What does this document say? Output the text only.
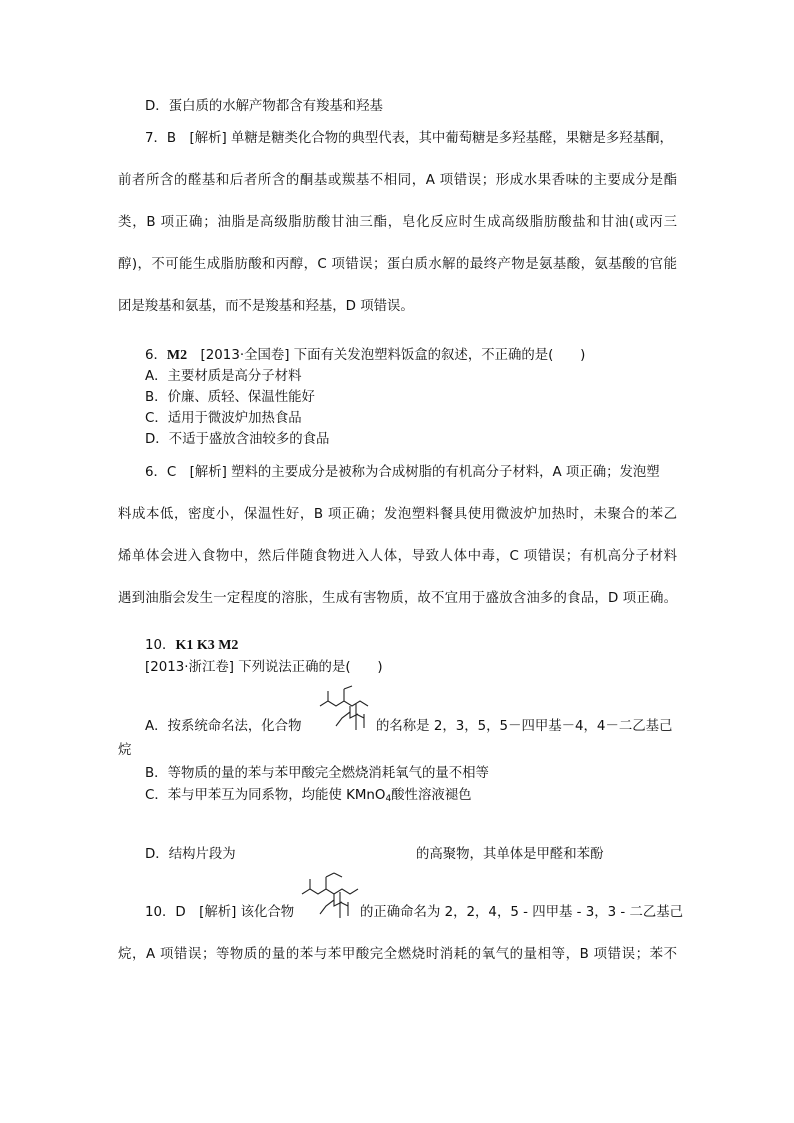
D．蛋白质的水解产物都含有羧基和羟基
7．B　[解析] 单糖是糖类化合物的典型代表，其中葡萄糖是多羟基醛，果糖是多羟基酮，
前者所含的醛基和后者所含的酮基或羰基不相同，A 项错误；形成水果香味的主要成分是酯
类，B 项正确；油脂是高级脂肪酸甘油三酯，皂化反应时生成高级脂肪酸盐和甘油(或丙三
醇)，不可能生成脂肪酸和丙醇，C 项错误；蛋白质水解的最终产物是氨基酸，氨基酸的官能
团是羧基和氨基，而不是羧基和羟基，D 项错误。
6．M2　[2013·全国卷] 下面有关发泡塑料饭盒的叙述，不正确的是(　　)
A．主要材质是高分子材料
B．价廉、质轻、保温性能好
C．适用于微波炉加热食品
D．不适于盛放含油较多的食品
6．C　[解析] 塑料的主要成分是被称为合成树脂的有机高分子材料，A 项正确；发泡塑
料成本低，密度小，保温性好，B 项正确；发泡塑料餐具使用微波炉加热时，未聚合的苯乙
烯单体会进入食物中，然后伴随食物进入人体，导致人体中毒，C 项错误；有机高分子材料
遇到油脂会发生一定程度的溶胀，生成有害物质，故不宜用于盛放含油多的食品，D 项正确。
10．K1 K3 M2
[2013·浙江卷] 下列说法正确的是(　　)
A．按系统命名法，化合物	的名称是 2，3，5，5－四甲基－4，4－二乙基己
烷
B．等物质的量的苯与苯甲酸完全燃烧消耗氧气的量不相等
C．苯与甲苯互为同系物，均能使 KMnO$_4$酸性溶液褪色
D．结构片段为	的高聚物，其单体是甲醛和苯酚
10．D　[解析] 该化合物	的正确命名为 2，2，4，5 - 四甲基 - 3，3 - 二乙基己
烷，A 项错误；等物质的量的苯与苯甲酸完全燃烧时消耗的氧气的量相等，B 项错误；苯不
